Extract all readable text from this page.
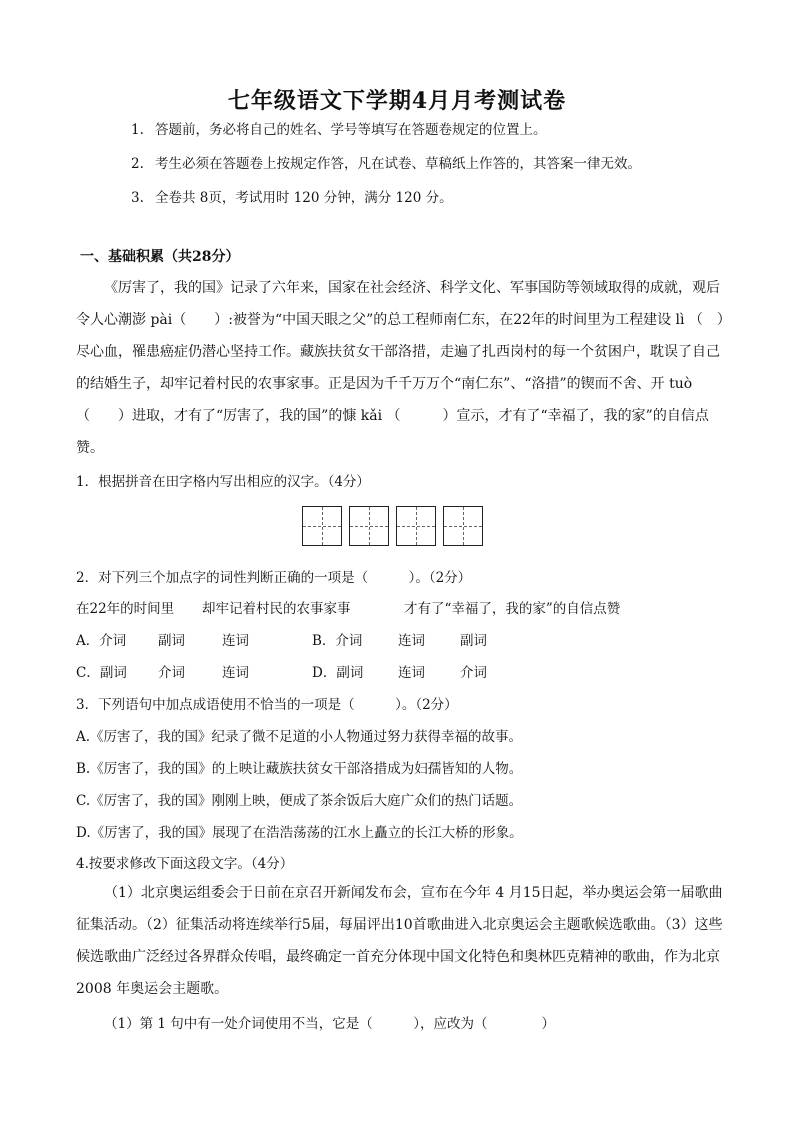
七年级语文下学期4月月考测试卷
1. 答题前，务必将自己的姓名、学号等填写在答题卷规定的位置上。
2. 考生必须在答题卷上按规定作答，凡在试卷、草稿纸上作答的，其答案一律无效。
3. 全卷共 8页，考试用时 120 分钟，满分 120 分。
一、基础积累（共28分）

《厉害了，我的国》记录了六年来，国家在社会经济、科学文化、军事国防等领域取得的成就，观后令人心潮澎 pài（　　）:被誉为“中国天眼之父”的总工程师南仁东，在22年的时间里为工程建设 lì （　）尽心血，罹患癌症仍潜心坚持工作。藏族扶贫女干部洛措，走遍了扎西岗村的每一个贫困户，耽误了自己的结婚生子，却牢记着村民的农事家事。正是因为千千万万个“南仁东”、“洛措”的锲而不舍、开 tuò （　　）进取，才有了“厉害了，我的国”的慷 kǎi （　　　）宣示，才有了“幸福了，我的家”的自信点赞。

1．根据拼音在田字格内写出相应的汉字。（4分）
2．对下列三个加点字的词性判断正确的一项是（　　　）。（2分）
在22年的时间里 却牢记着村民的农事家事	才有了“幸福了，我的家”的自信点赞
A．介词 副词	连词	B．介词	连词	副词
C．副词 介词	连词	D．副词	连词	介词
3．下列语句中加点成语使用不恰当的一项是（　　　）。（2分）
A.《厉害了，我的国》纪录了微不足道的小人物通过努力获得幸福的故事。
B.《厉害了，我的国》的上映让藏族扶贫女干部洛措成为妇孺皆知的人物。
C.《厉害了，我的国》刚刚上映，便成了茶余饭后大庭广众们的热门话题。
D.《厉害了，我的国》展现了在浩浩荡荡的江水上矗立的长江大桥的形象。
4.按要求修改下面这段文字。（4分）

（1）北京奥运组委会于日前在京召开新闻发布会，宣布在今年 4 月15日起，举办奥运会第一届歌曲征集活动。（2）征集活动将连续举行5届，每届评出10首歌曲进入北京奥运会主题歌候选歌曲。（3）这些候选歌曲广泛经过各界群众传唱，最终确定一首充分体现中国文化特色和奥林匹克精神的歌曲，作为北京 2008 年奥运会主题歌。

（1）第 1 句中有一处介词使用不当，它是（　　　），应改为（　　　　）
